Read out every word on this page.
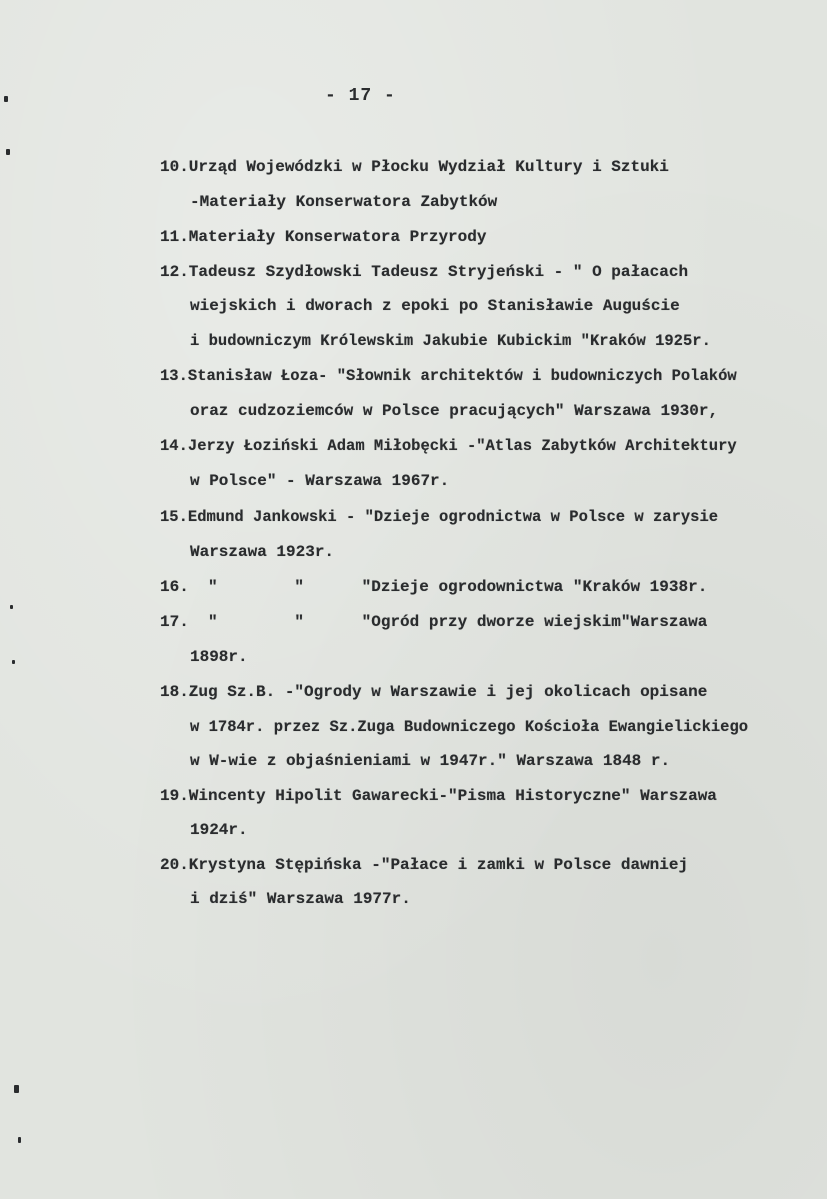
- 17 -
10.Urząd Wojewódzki w Płocku Wydział Kultury i Sztuki
-Materiały Konserwatora Zabytków
11.Materiały Konserwatora Przyrody
12.Tadeusz Szydłowski Tadeusz Stryjeński - " O pałacach
wiejskich i dworach z epoki po Stanisławie Auguście
i budowniczym Królewskim Jakubie Kubickim "Kraków 1925r.
13.Stanisław Łoza- "Słownik architektów i budowniczych Polaków
oraz cudzoziemców w Polsce pracujących" Warszawa 1930r,
14.Jerzy Łoziński Adam Miłobęcki -"Atlas Zabytków Architektury
w Polsce" - Warszawa 1967r.
15.Edmund Jankowski - "Dzieje ogrodnictwa w Polsce w zarysie
Warszawa 1923r.
16.  "        "      "Dzieje ogrodownictwa "Kraków 1938r.
17.  "        "      "Ogród przy dworze wiejskim"Warszawa
1898r.
18.Zug Sz.B. -"Ogrody w Warszawie i jej okolicach opisane
w 1784r. przez Sz.Zuga Budowniczego Kościoła Ewangielickiego
w W-wie z objaśnieniami w 1947r." Warszawa 1848 r.
19.Wincenty Hipolit Gawarecki-"Pisma Historyczne" Warszawa
1924r.
20.Krystyna Stępińska -"Pałace i zamki w Polsce dawniej
i dziś" Warszawa 1977r.
